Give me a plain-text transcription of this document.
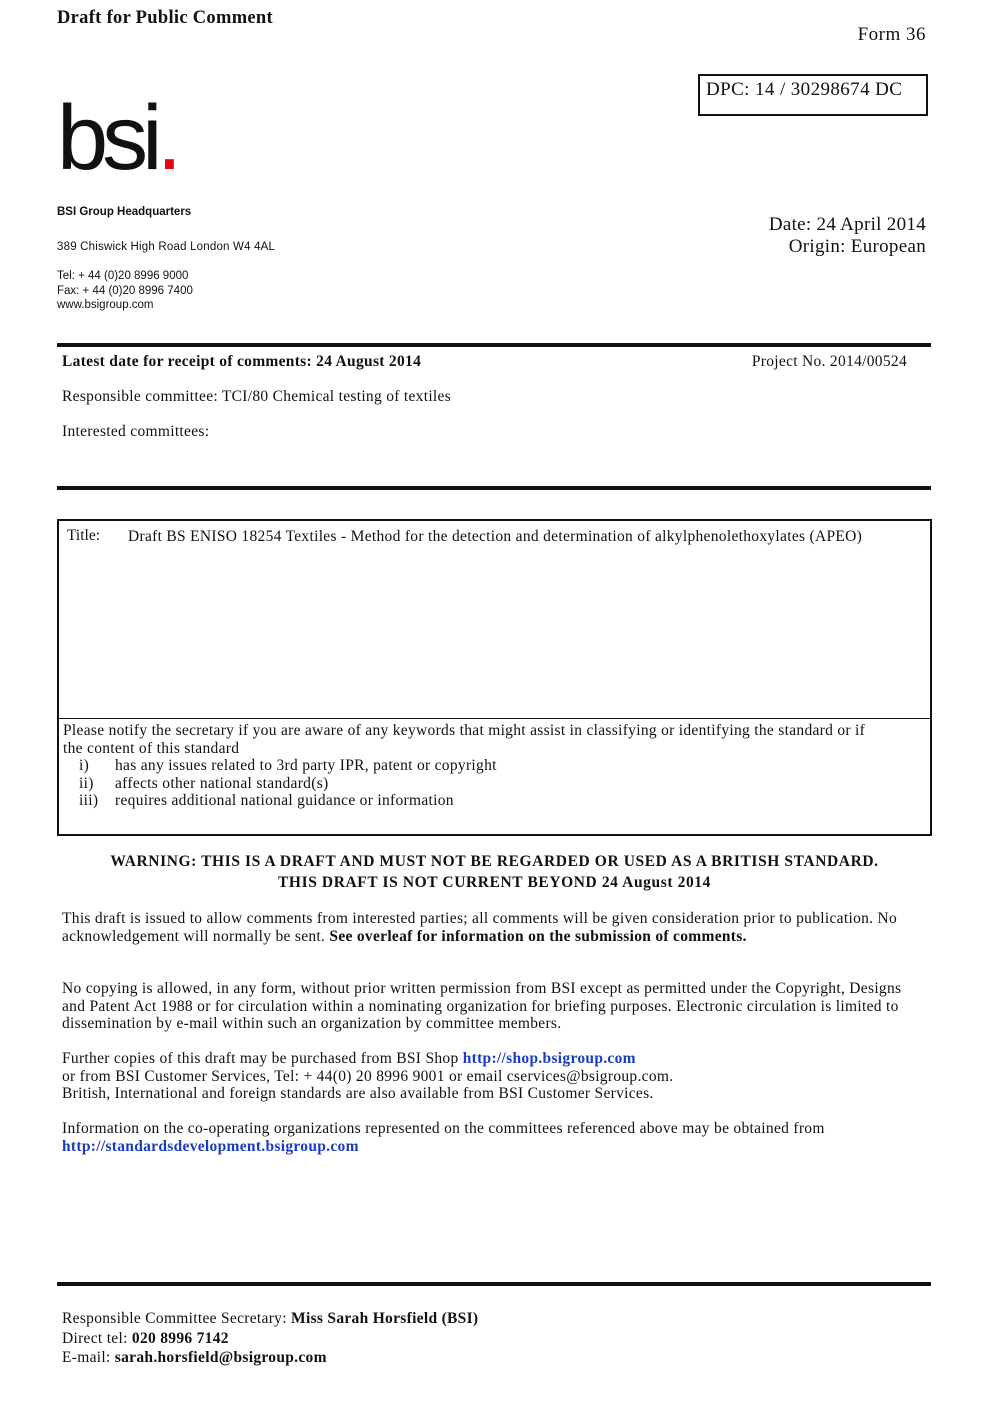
Draft for Public Comment
Form 36
DPC: 14 / 30298674 DC
bsi.
BSI Group Headquarters
389 Chiswick High Road London W4 4AL
Tel: + 44 (0)20 8996 9000
Fax: + 44 (0)20 8996 7400
www.bsigroup.com
Date: 24 April 2014
Origin: European
Latest date for receipt of comments: 24 August 2014	Project No. 2014/00524
Responsible committee: TCI/80 Chemical testing of textiles
Interested committees:
Title: Draft BS ENISO 18254 Textiles - Method for the detection and determination of alkylphenolethoxylates (APEO)
Please notify the secretary if you are aware of any keywords that might assist in classifying or identifying the standard or if the content of this standard
i) has any issues related to 3rd party IPR, patent or copyright
ii) affects other national standard(s)
iii) requires additional national guidance or information
WARNING: THIS IS A DRAFT AND MUST NOT BE REGARDED OR USED AS A BRITISH STANDARD.
THIS DRAFT IS NOT CURRENT BEYOND 24 August 2014
This draft is issued to allow comments from interested parties; all comments will be given consideration prior to publication. No acknowledgement will normally be sent. See overleaf for information on the submission of comments.
No copying is allowed, in any form, without prior written permission from BSI except as permitted under the Copyright, Designs and Patent Act 1988 or for circulation within a nominating organization for briefing purposes. Electronic circulation is limited to dissemination by e-mail within such an organization by committee members.
Further copies of this draft may be purchased from BSI Shop http://shop.bsigroup.com
or from BSI Customer Services, Tel: + 44(0) 20 8996 9001 or email cservices@bsigroup.com.
British, International and foreign standards are also available from BSI Customer Services.
Information on the co-operating organizations represented on the committees referenced above may be obtained from
http://standardsdevelopment.bsigroup.com
Responsible Committee Secretary: Miss Sarah Horsfield (BSI)
Direct tel: 020 8996 7142
E-mail: sarah.horsfield@bsigroup.com
